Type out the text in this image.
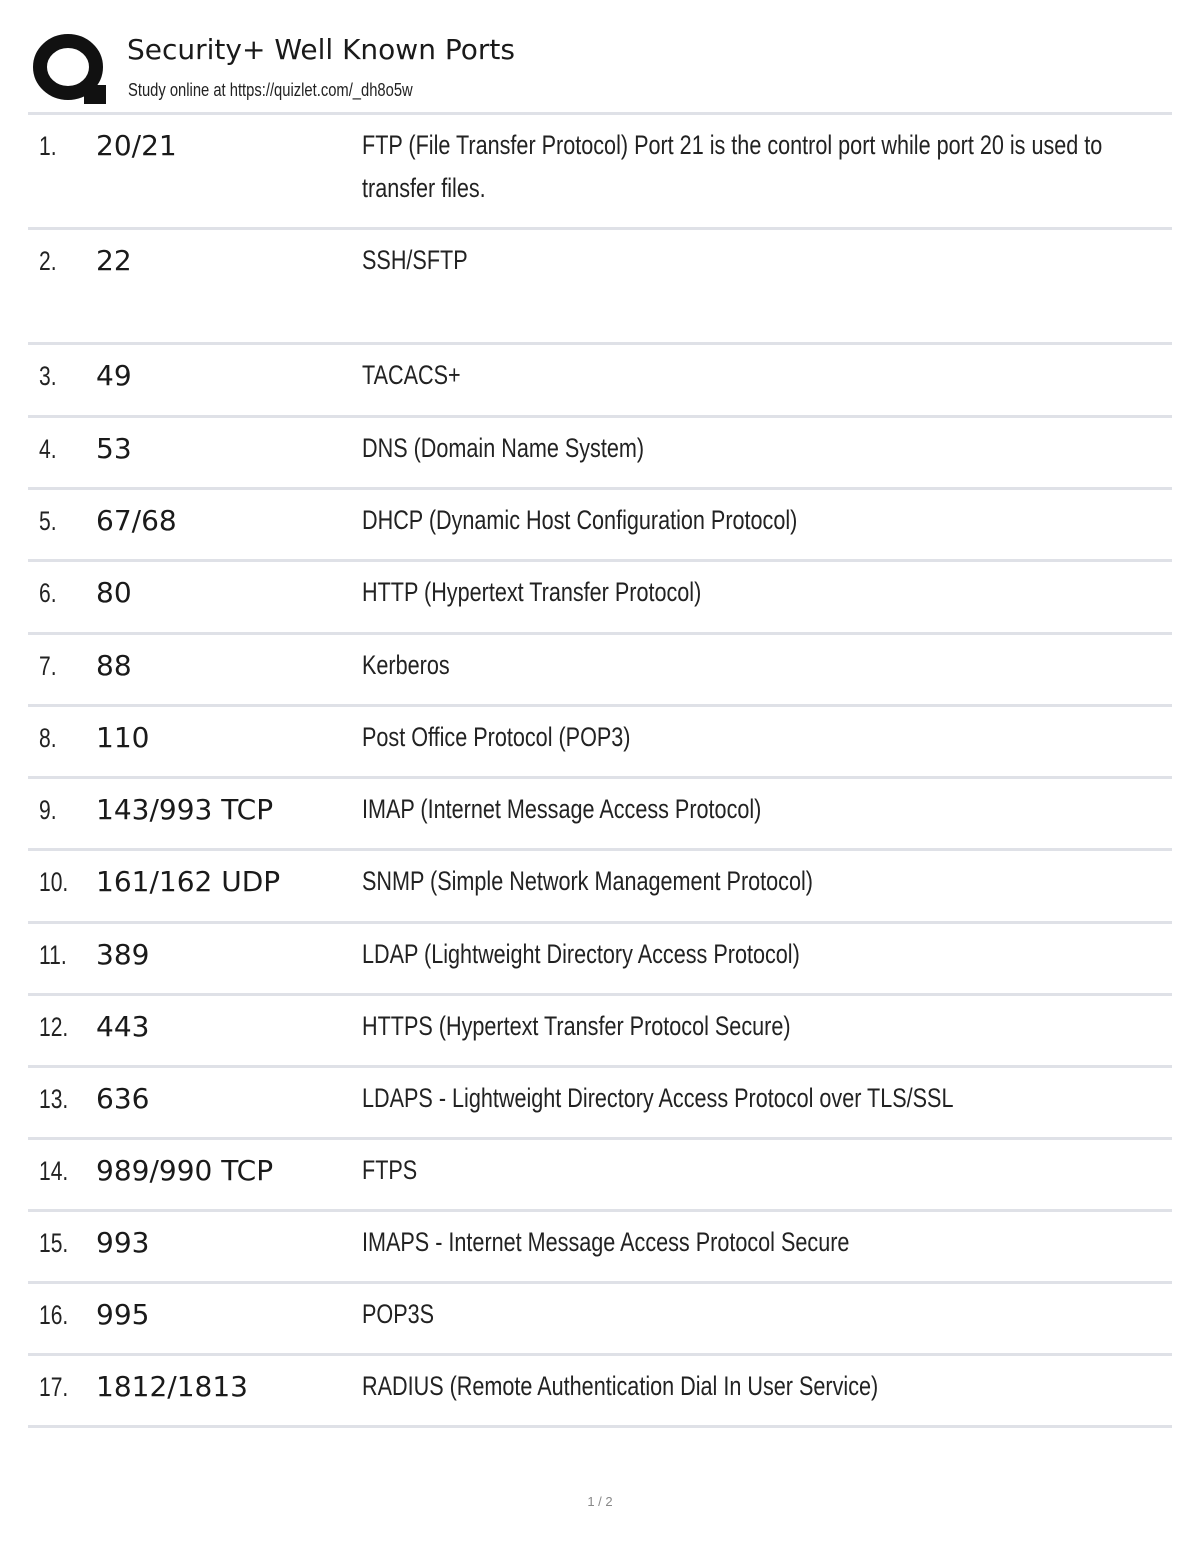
Security+ Well Known Ports
Study online at https://quizlet.com/_dh8o5w
1. 20/21	FTP (File Transfer Protocol) Port 21 is the control port while port 20 is used to transfer files.
2. 22	SSH/SFTP
3. 49	TACACS+
4. 53	DNS (Domain Name System)
5. 67/68	DHCP (Dynamic Host Configuration Protocol)
6. 80	HTTP (Hypertext Transfer Protocol)
7. 88	Kerberos
8. 110	Post Office Protocol (POP3)
9. 143/993 TCP	IMAP (Internet Message Access Protocol)
10. 161/162 UDP	SNMP (Simple Network Management Protocol)
11. 389	LDAP (Lightweight Directory Access Protocol)
12. 443	HTTPS (Hypertext Transfer Protocol Secure)
13. 636	LDAPS - Lightweight Directory Access Protocol over TLS/SSL
14. 989/990 TCP	FTPS
15. 993	IMAPS - Internet Message Access Protocol Secure
16. 995	POP3S
17. 1812/1813	RADIUS (Remote Authentication Dial In User Service)
1 / 2
